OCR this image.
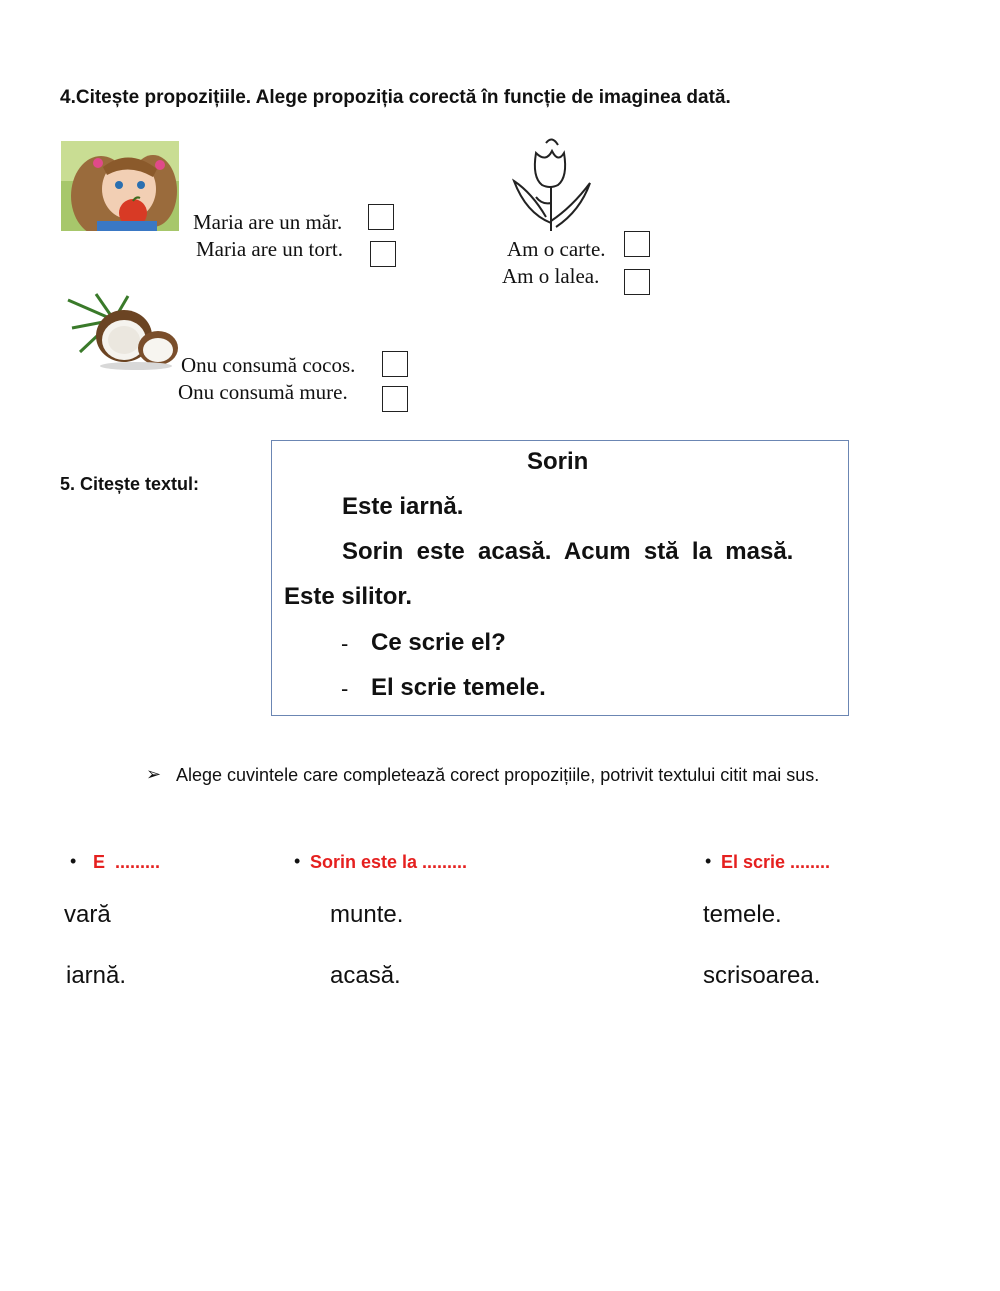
4.Citește propozițiile. Alege propoziția corectă în funcție de imaginea dată.
Maria are un măr.
Maria are un tort.	Am o carte.
Am o lalea.
Onu consumă cocos.
Onu consumă mure.
5. Citește textul:
Sorin
Este iarnă.
Sorin  este  acasă.  Acum  stă  la  masă.
Este silitor.
- Ce scrie el?
- El scrie temele.
➢ Alege cuvintele care completează corect propozițiile, potrivit textului citit mai sus.
• E  .........	• Sorin este la .........	• El scrie ........
vară
iarnă.
munte.
acasă.
temele.
scrisoarea.
